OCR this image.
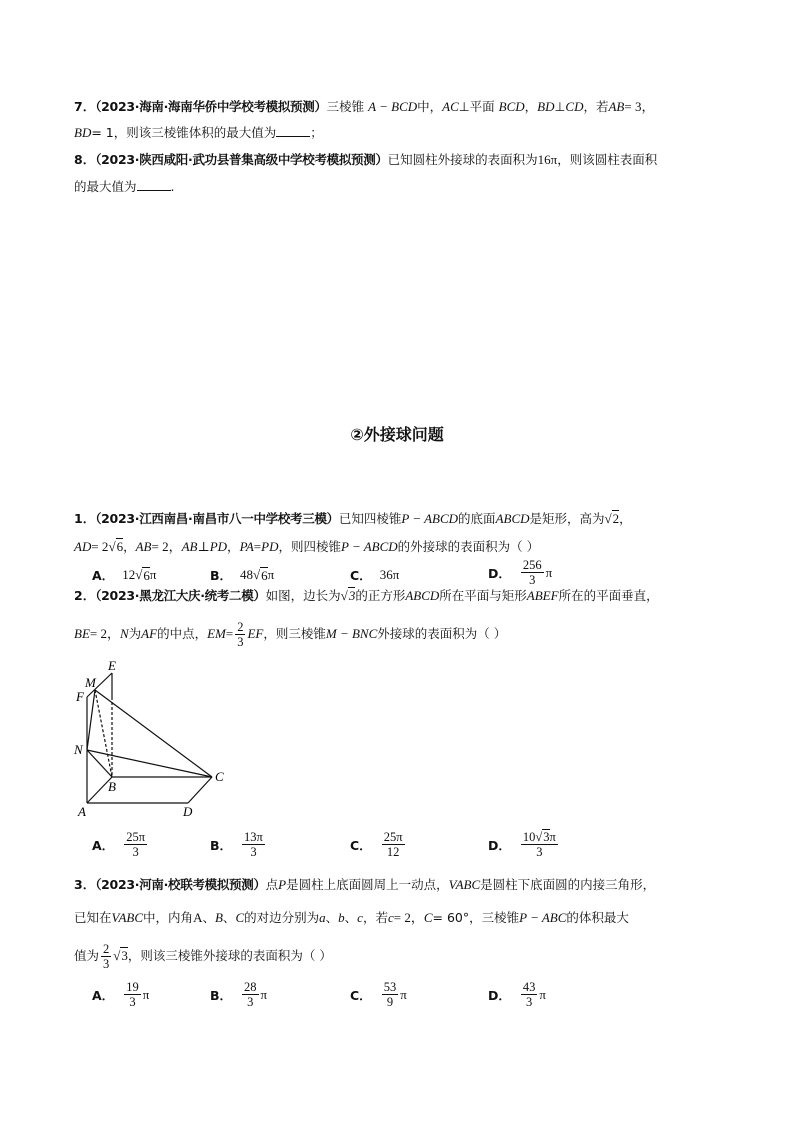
7．（2023·海南·海南华侨中学校考模拟预测）三棱锥 A − BCD中，AC⊥平面 BCD，BD⊥CD，若AB= 3，
BD= 1，则该三棱锥体积的最大值为	；
8．（2023·陕西咸阳·武功县普集高级中学校考模拟预测）已知圆柱外接球的表面积为16π，则该圆柱表面积
的最大值为	.
②外接球问题
1．（2023·江西南昌·南昌市八一中学校考三模）已知四棱锥P − ABCD的底面ABCD是矩形，高为√2，
AD= 2√6，AB= 2，AB⊥PD，PA=PD，则四棱锥P − ABCD的外接球的表面积为（ ）
A． 12 √ 6 π	B． 48 √ 6 π	C． 36π	D． $\frac{256}{3}$ π
2．（2023·黑龙江大庆·统考二模）如图，边长为√3的正方形ABCD所在平面与矩形ABEF所在的平面垂直，
BE= 2，N为AF的中点，$EM= \frac{2}{3}$ EF，则三棱锥M − BNC外接球的表面积为（ ）
E
M
F
N
B
C
A	D
A． $\frac{25\pi}{3}$	B． $\frac{13\pi}{3}$	C． $\frac{25\pi}{12}$	D． $\frac{10√3\pi}{3}$
3．（2023·河南·校联考模拟预测）点P是圆柱上底面圆周上一动点，VABC是圆柱下底面圆的内接三角形，
已知在VABC中，内角A、B、C的对边分别为a、b、c，若c= 2，C= 60°，三棱锥P − ABC的体积最大
值为 $\frac{2}{3} √3$，则该三棱锥外接球的表面积为（ ）
A． $\frac{19}{3}$ π	B． $\frac{28}{3}$ π	C． $\frac{53}{9}$ π	D． $\frac{43}{3}$ π
